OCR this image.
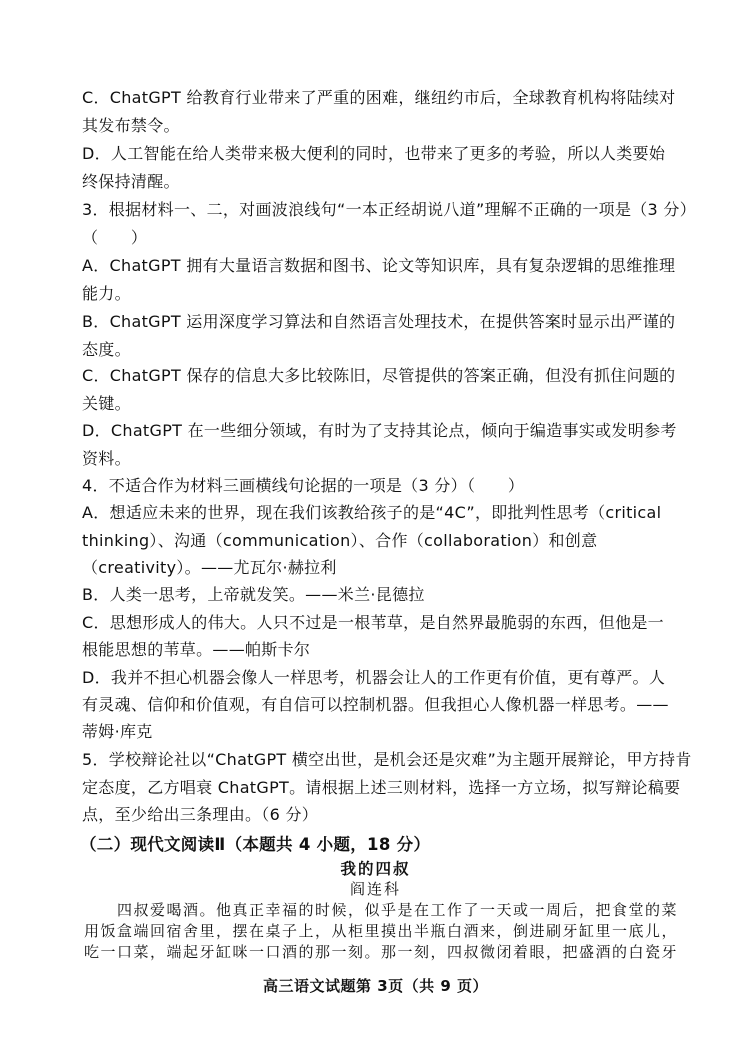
C．ChatGPT 给教育行业带来了严重的困难，继纽约市后，全球教育机构将陆续对
其发布禁令。
D．人工智能在给人类带来极大便利的同时，也带来了更多的考验，所以人类要始
终保持清醒。
3．根据材料一、二，对画波浪线句“一本正经胡说八道”理解不正确的一项是（3 分）
（　　）
A．ChatGPT 拥有大量语言数据和图书、论文等知识库，具有复杂逻辑的思维推理
能力。
B．ChatGPT 运用深度学习算法和自然语言处理技术，在提供答案时显示出严谨的
态度。
C．ChatGPT 保存的信息大多比较陈旧，尽管提供的答案正确，但没有抓住问题的
关键。
D．ChatGPT 在一些细分领域，有时为了支持其论点，倾向于编造事实或发明参考
资料。
4．不适合作为材料三画横线句论据的一项是（3 分）（　　）
A．想适应未来的世界，现在我们该教给孩子的是“4C”，即批判性思考（critical
thinking）、沟通（communication）、合作（collaboration）和创意
（creativity）。——尤瓦尔·赫拉利
B．人类一思考，上帝就发笑。——米兰·昆德拉
C．思想形成人的伟大。人只不过是一根苇草，是自然界最脆弱的东西，但他是一
根能思想的苇草。——帕斯卡尔
D．我并不担心机器会像人一样思考，机器会让人的工作更有价值，更有尊严。人
有灵魂、信仰和价值观，有自信可以控制机器。但我担心人像机器一样思考。——
蒂姆·库克
5．学校辩论社以“ChatGPT 横空出世，是机会还是灾难”为主题开展辩论，甲方持肯
定态度，乙方唱衰 ChatGPT。请根据上述三则材料，选择一方立场，拟写辩论稿要
点，至少给出三条理由。（6 分）
（二）现代文阅读Ⅱ（本题共 4 小题，18 分）
我的四叔
阎连科
　　四叔爱喝酒。他真正幸福的时候，似乎是在工作了一天或一周后，把食堂的菜
用饭盒端回宿舍里，摆在桌子上，从柜里摸出半瓶白酒来，倒进刷牙缸里一底儿，
吃一口菜，端起牙缸咪一口酒的那一刻。那一刻，四叔微闭着眼，把盛酒的白瓷牙
高三语文试题第 3页（共 9 页）
